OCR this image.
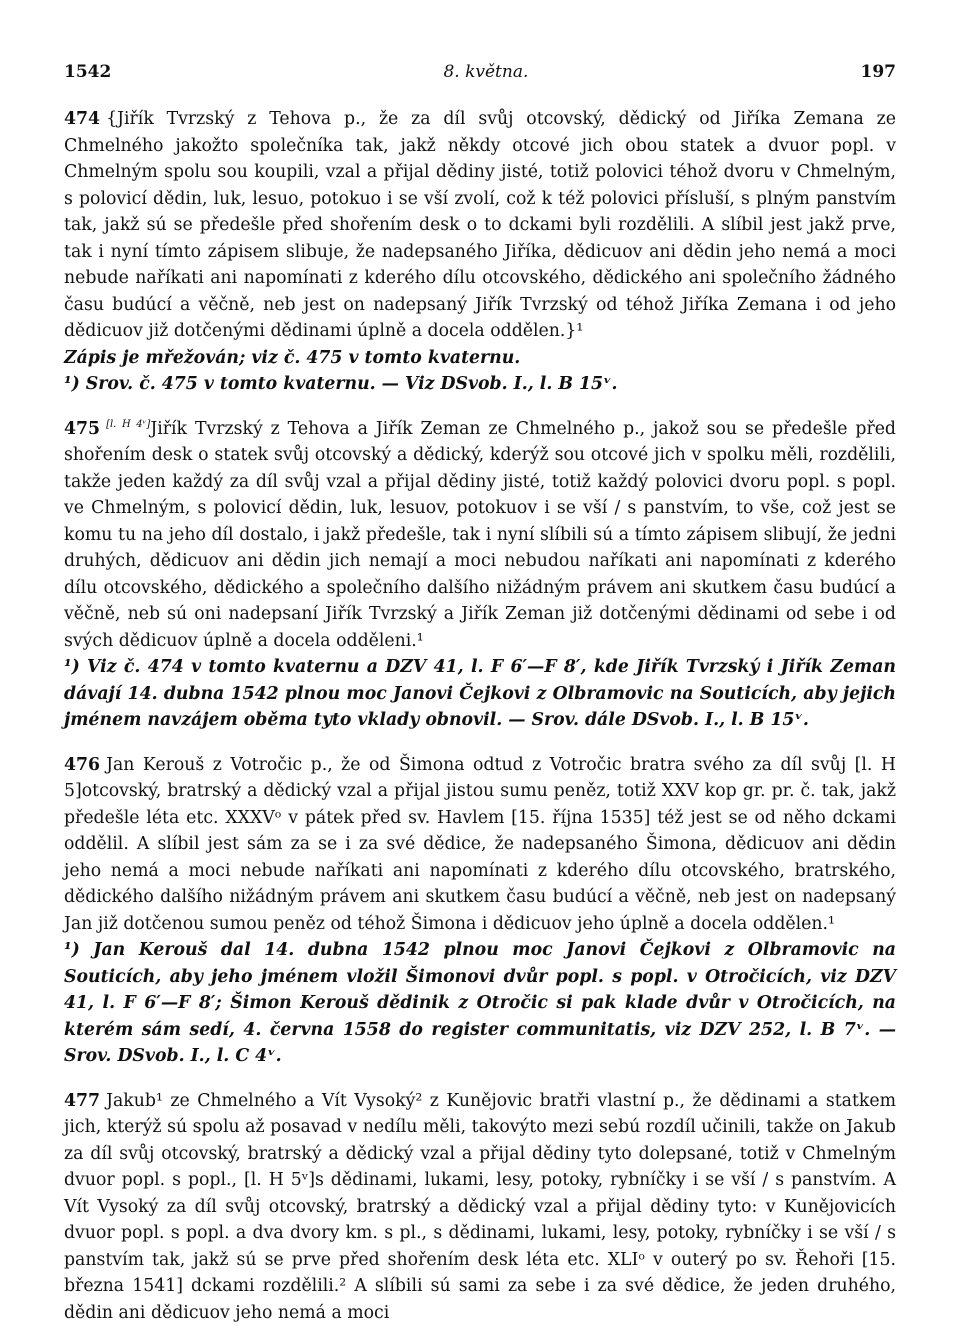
1542	8. května.	197

474 {Jiřík Tvrzský z Tehova p., že za díl svůj otcovský, dědický od Jiříka Zemana ze Chmelného jakožto společníka tak, jakž někdy otcové jich obou statek a dvuor popl. v Chmelným spolu sou koupili, vzal a přijal dědiny jisté, totiž polovici téhož dvoru v Chmelným, s polovicí dědin, luk, lesuo, potokuo i se vší zvolí, což k též polovici přísluší, s plným panstvím tak, jakž sú se předešle před shořením desk o to dckami byli rozdělili. A slíbil jest jakž prve, tak i nyní tímto zápisem slibuje, že nadepsaného Jiříka, dědicuov ani dědin jeho nemá a moci nebude naříkati ani napomínati z kderého dílu otcovského, dědického ani společního žádného času budúcí a věčně, neb jest on nadepsaný Jiřík Tvrzský od téhož Jiříka Zemana i od jeho dědicuov již dotčenými dědinami úplně a docela oddělen.}¹

Zápis je mřežován; viz č. 475 v tomto kvaternu.

¹) Srov. č. 475 v tomto kvaternu. — Viz DSvob. I., l. B 15ᵛ.

475 [l. H 4ᵛ]Jiřík Tvrzský z Tehova a Jiřík Zeman ze Chmelného p., jakož sou se předešle před shořením desk o statek svůj otcovský a dědický, kderýž sou otcové jich v spolku měli, rozdělili, takže jeden každý za díl svůj vzal a přijal dědiny jisté, totiž každý polovici dvoru popl. s popl. ve Chmelným, s polovicí dědin, luk, lesuov, potokuov i se vší / s panstvím, to vše, což jest se komu tu na jeho díl dostalo, i jakž předešle, tak i nyní slíbili sú a tímto zápisem slibují, že jedni druhých, dědicuov ani dědin jich nemají a moci nebudou naříkati ani napomínati z kderého dílu otcovského, dědického a společního dalšího nižádným právem ani skutkem času budúcí a věčně, neb sú oni nadepsaní Jiřík Tvrzský a Jiřík Zeman již dotčenými dědinami od sebe i od svých dědicuov úplně a docela odděleni.¹

¹) Viz č. 474 v tomto kvaternu a DZV 41, l. F 6′—F 8′, kde Jiřík Tvrzský i Jiřík Zeman dávají 14. dubna 1542 plnou moc Janovi Čejkovi z Olbramovic na Souticích, aby jejich jménem navzájem oběma tyto vklady obnovil. — Srov. dále DSvob. I., l. B 15ᵛ.

476 Jan Kerouš z Votročic p., že od Šimona odtud z Votročic bratra svého za díl svůj [l. H 5]otcovský, bratrský a dědický vzal a přijal jistou sumu peněz, totiž XXV kop gr. pr. č. tak, jakž předešle léta etc. XXXVᵒ v pátek před sv. Havlem [15. října 1535] též jest se od něho dckami oddělil. A slíbil jest sám za se i za své dědice, že nadepsaného Šimona, dědicuov ani dědin jeho nemá a moci nebude naříkati ani napomínati z kderého dílu otcovského, bratrského, dědického dalšího nižádným právem ani skutkem času budúcí a věčně, neb jest on nadepsaný Jan již dotčenou sumou peněz od téhož Šimona i dědicuov jeho úplně a docela oddělen.¹

¹) Jan Kerouš dal 14. dubna 1542 plnou moc Janovi Čejkovi z Olbramovic na Souticích, aby jeho jménem vložil Šimonovi dvůr popl. s popl. v Otročicích, viz DZV 41, l. F 6′—F 8′; Šimon Kerouš dědinik z Otročic si pak klade dvůr v Otročicích, na kterém sám sedí, 4. června 1558 do register communitatis, viz DZV 252, l. B 7ᵛ. — Srov. DSvob. I., l. C 4ᵛ.

477 Jakub¹ ze Chmelného a Vít Vysoký² z Kunějovic bratři vlastní p., že dědinami a statkem jich, kterýž sú spolu až posavad v nedílu měli, takovýto mezi sebú rozdíl učinili, takže on Jakub za díl svůj otcovský, bratrský a dědický vzal a přijal dědiny tyto dolepsané, totiž v Chmelným dvuor popl. s popl., [l. H 5ᵛ]s dědinami, lukami, lesy, potoky, rybníčky i se vší / s panstvím. A Vít Vysoký za díl svůj otcovský, bratrský a dědický vzal a přijal dědiny tyto: v Kunějovicích dvuor popl. s popl. a dva dvory km. s pl., s dědinami, lukami, lesy, potoky, rybníčky i se vší / s panstvím tak, jakž sú se prve před shořením desk léta etc. XLIᵒ v outerý po sv. Řehoři [15. března 1541] dckami rozdělili.² A slíbili sú sami za sebe i za své dědice, že jeden druhého, dědin ani dědicuov jeho nemá a moci
